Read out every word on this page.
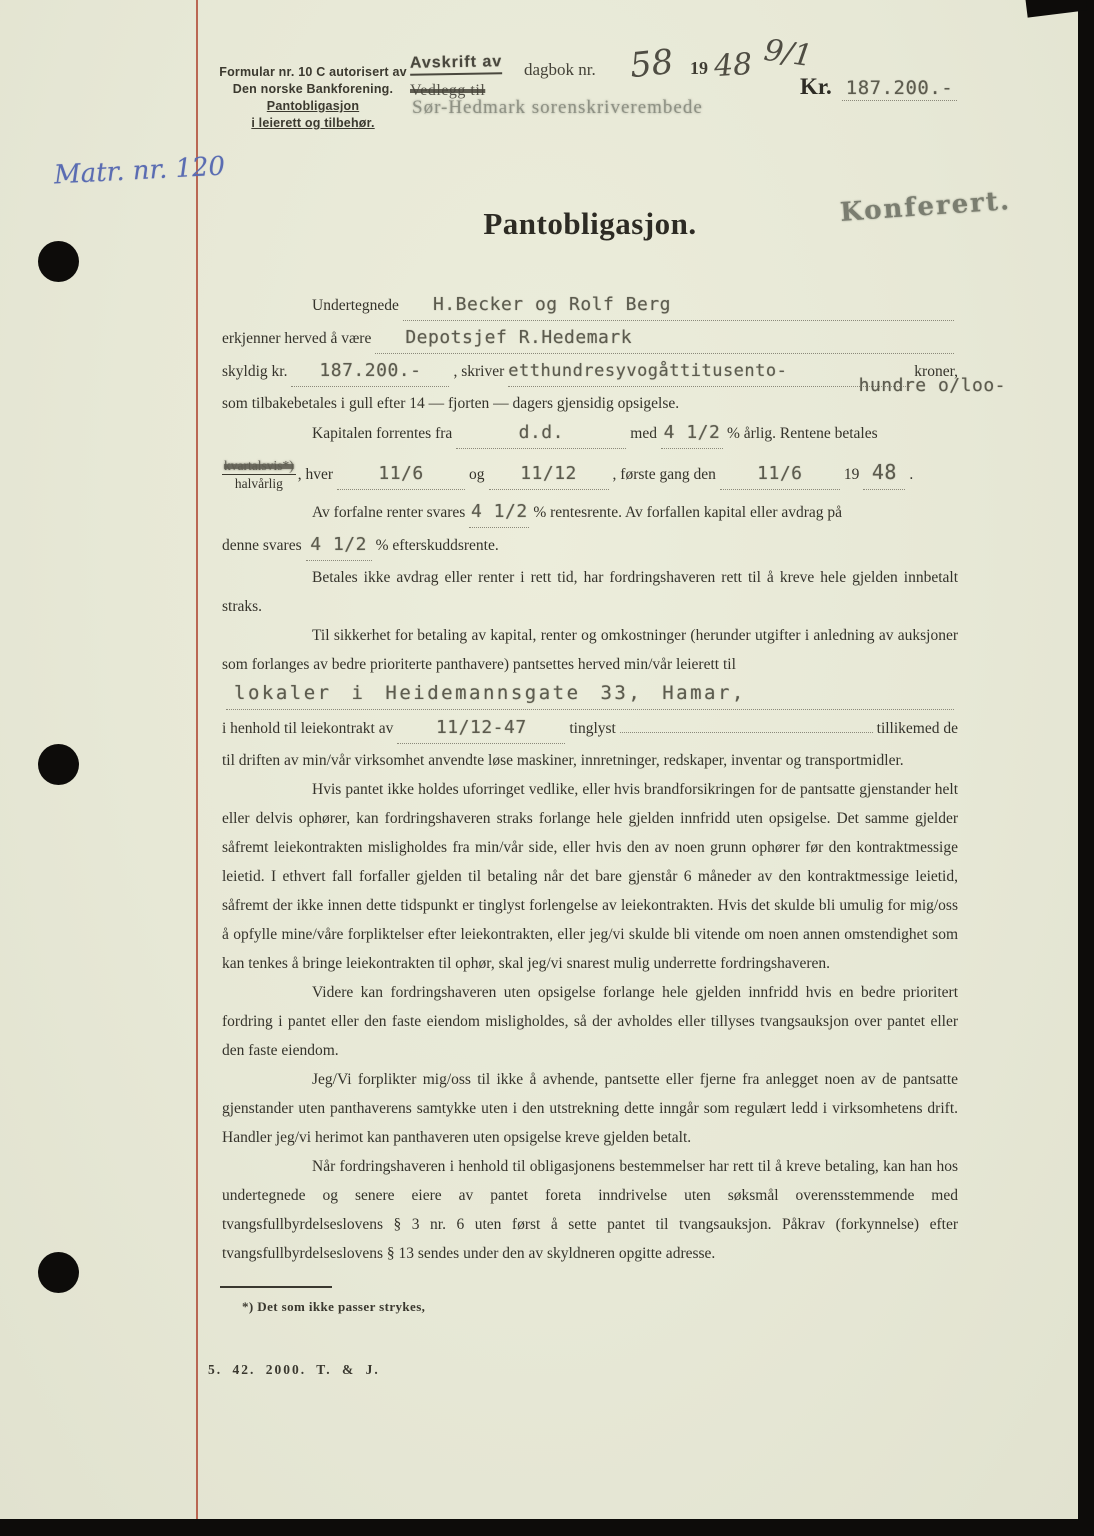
Formular nr. 10 C autorisert av
Den norske Bankforening.
Pantobligasjon
i leierett og tilbehør.
Avskrift av
Vedlegg til
dagbok nr. 58 19 48 9/1
Sør-Hedmark sorenskriverembede
Kr. 187.200.-
Matr. nr. 120
Pantobligasjon.	Konferert.
Undertegnede	H.Becker og Rolf Berg
erkjenner herved å være	Depotsjef R.Hedemark
skyldig kr.	187.200.-	, skriver etthundresyvogåttitusento-	kroner,
hundre o/loo-
som tilbakebetales i gull efter 14 — fjorten — dagers gjensidig opsigelse.
Kapitalen forrentes fra	d.d.	med 4 1/2 % årlig. Rentene betales
$\frac{\text{kvartalsvis*)}}{\text{halvårlig}}$ , hver	11/6	og	11/12	, første gang den	11/6	19 48 .
Av forfalne renter svares 4 1/2 % rentesrente. Av forfallen kapital eller avdrag på
denne svares 4 1/2 % efterskuddsrente.

Betales ikke avdrag eller renter i rett tid, har fordringshaveren rett til å kreve hele gjelden innbetalt straks.

Til sikkerhet for betaling av kapital, renter og omkostninger (herunder utgifter i anledning av auksjoner som forlanges av bedre prioriterte panthavere) pantsettes herved min/vår leierett til

lokaler i Heidemannsgate 33, Hamar,
i henhold til leiekontrakt av	11/12-47	tinglyst	tillikemed de

til driften av min/vår virksomhet anvendte løse maskiner, innretninger, redskaper, inventar og transportmidler.

Hvis pantet ikke holdes uforringet vedlike, eller hvis brandforsikringen for de pantsatte gjenstander helt eller delvis ophører, kan fordringshaveren straks forlange hele gjelden innfridd uten opsigelse. Det samme gjelder såfremt leiekontrakten misligholdes fra min/vår side, eller hvis den av noen grunn ophører før den kontraktmessige leietid. I ethvert fall forfaller gjelden til betaling når det bare gjenstår 6 måneder av den kontraktmessige leietid, såfremt der ikke innen dette tidspunkt er tinglyst forlengelse av leiekontrakten. Hvis det skulde bli umulig for mig/oss å opfylle mine/våre forpliktelser efter leiekontrakten, eller jeg/vi skulde bli vitende om noen annen omstendighet som kan tenkes å bringe leiekontrakten til ophør, skal jeg/vi snarest mulig underrette fordringshaveren.

Videre kan fordringshaveren uten opsigelse forlange hele gjelden innfridd hvis en bedre prioritert fordring i pantet eller den faste eiendom misligholdes, så der avholdes eller tillyses tvangsauksjon over pantet eller den faste eiendom.

Jeg/Vi forplikter mig/oss til ikke å avhende, pantsette eller fjerne fra anlegget noen av de pantsatte gjenstander uten panthaverens samtykke uten i den utstrekning dette inngår som regulært ledd i virksomhetens drift. Handler jeg/vi herimot kan panthaveren uten opsigelse kreve gjelden betalt.

Når fordringshaveren i henhold til obligasjonens bestemmelser har rett til å kreve betaling, kan han hos undertegnede og senere eiere av pantet foreta inndrivelse uten søksmål overensstemmende med tvangsfullbyrdelseslovens § 3 nr. 6 uten først å sette pantet til tvangsauksjon. Påkrav (forkynnelse) efter tvangsfullbyrdelseslovens § 13 sendes under den av skyldneren opgitte adresse.

*) Det som ikke passer strykes,
5. 42. 2000. T. & J.
